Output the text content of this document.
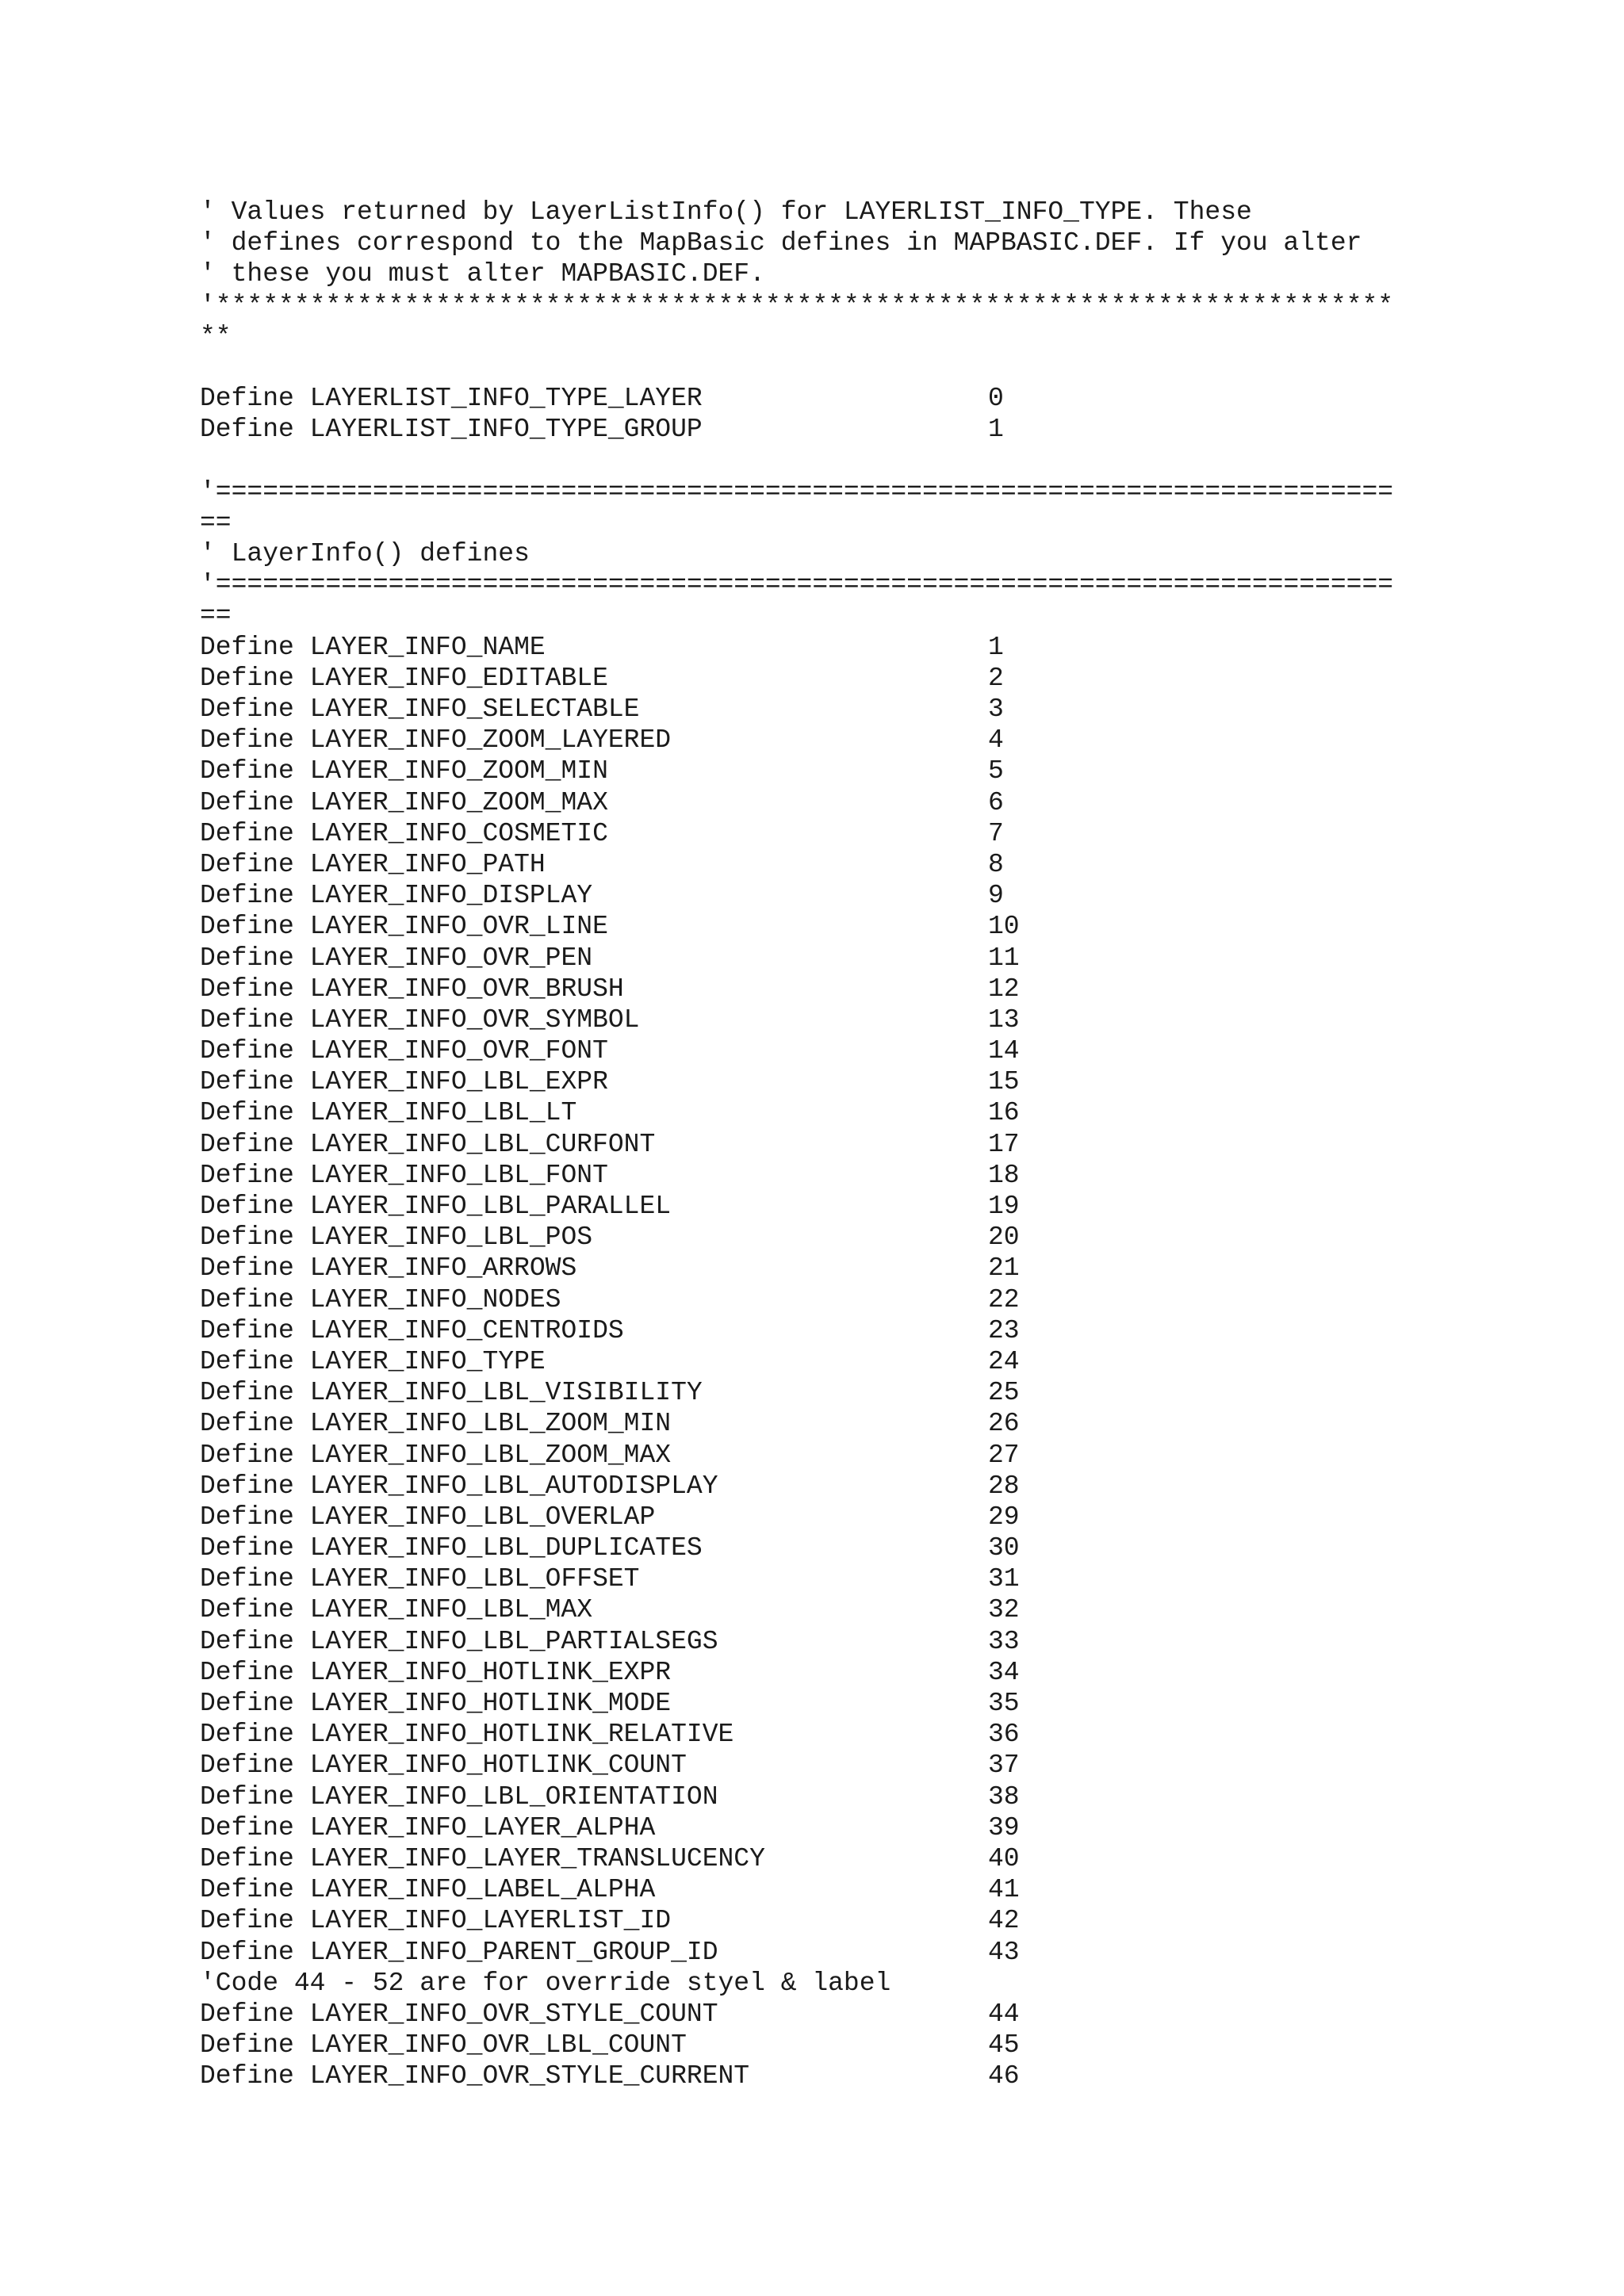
' Values returned by LayerListInfo() for LAYERLIST_INFO_TYPE. These
' defines correspond to the MapBasic defines in MAPBASIC.DEF. If you alter
' these you must alter MAPBASIC.DEF.
'***************************************************************************
**
Define LAYERLIST_INFO_TYPE_LAYER	0
Define LAYERLIST_INFO_TYPE_GROUP	1
'===========================================================================
==
' LayerInfo() defines
'===========================================================================
==
Define LAYER_INFO_NAME	1
Define LAYER_INFO_EDITABLE	2
Define LAYER_INFO_SELECTABLE	3
Define LAYER_INFO_ZOOM_LAYERED	4
Define LAYER_INFO_ZOOM_MIN	5
Define LAYER_INFO_ZOOM_MAX	6
Define LAYER_INFO_COSMETIC	7
Define LAYER_INFO_PATH	8
Define LAYER_INFO_DISPLAY	9
Define LAYER_INFO_OVR_LINE	10
Define LAYER_INFO_OVR_PEN	11
Define LAYER_INFO_OVR_BRUSH	12
Define LAYER_INFO_OVR_SYMBOL	13
Define LAYER_INFO_OVR_FONT	14
Define LAYER_INFO_LBL_EXPR	15
Define LAYER_INFO_LBL_LT	16
Define LAYER_INFO_LBL_CURFONT	17
Define LAYER_INFO_LBL_FONT	18
Define LAYER_INFO_LBL_PARALLEL	19
Define LAYER_INFO_LBL_POS	20
Define LAYER_INFO_ARROWS	21
Define LAYER_INFO_NODES	22
Define LAYER_INFO_CENTROIDS	23
Define LAYER_INFO_TYPE	24
Define LAYER_INFO_LBL_VISIBILITY	25
Define LAYER_INFO_LBL_ZOOM_MIN	26
Define LAYER_INFO_LBL_ZOOM_MAX	27
Define LAYER_INFO_LBL_AUTODISPLAY	28
Define LAYER_INFO_LBL_OVERLAP	29
Define LAYER_INFO_LBL_DUPLICATES	30
Define LAYER_INFO_LBL_OFFSET	31
Define LAYER_INFO_LBL_MAX	32
Define LAYER_INFO_LBL_PARTIALSEGS	33
Define LAYER_INFO_HOTLINK_EXPR	34
Define LAYER_INFO_HOTLINK_MODE	35
Define LAYER_INFO_HOTLINK_RELATIVE	36
Define LAYER_INFO_HOTLINK_COUNT	37
Define LAYER_INFO_LBL_ORIENTATION	38
Define LAYER_INFO_LAYER_ALPHA	39
Define LAYER_INFO_LAYER_TRANSLUCENCY	40
Define LAYER_INFO_LABEL_ALPHA	41
Define LAYER_INFO_LAYERLIST_ID	42
Define LAYER_INFO_PARENT_GROUP_ID	43
'Code 44 - 52 are for override styel & label
Define LAYER_INFO_OVR_STYLE_COUNT	44
Define LAYER_INFO_OVR_LBL_COUNT	45
Define LAYER_INFO_OVR_STYLE_CURRENT	46
